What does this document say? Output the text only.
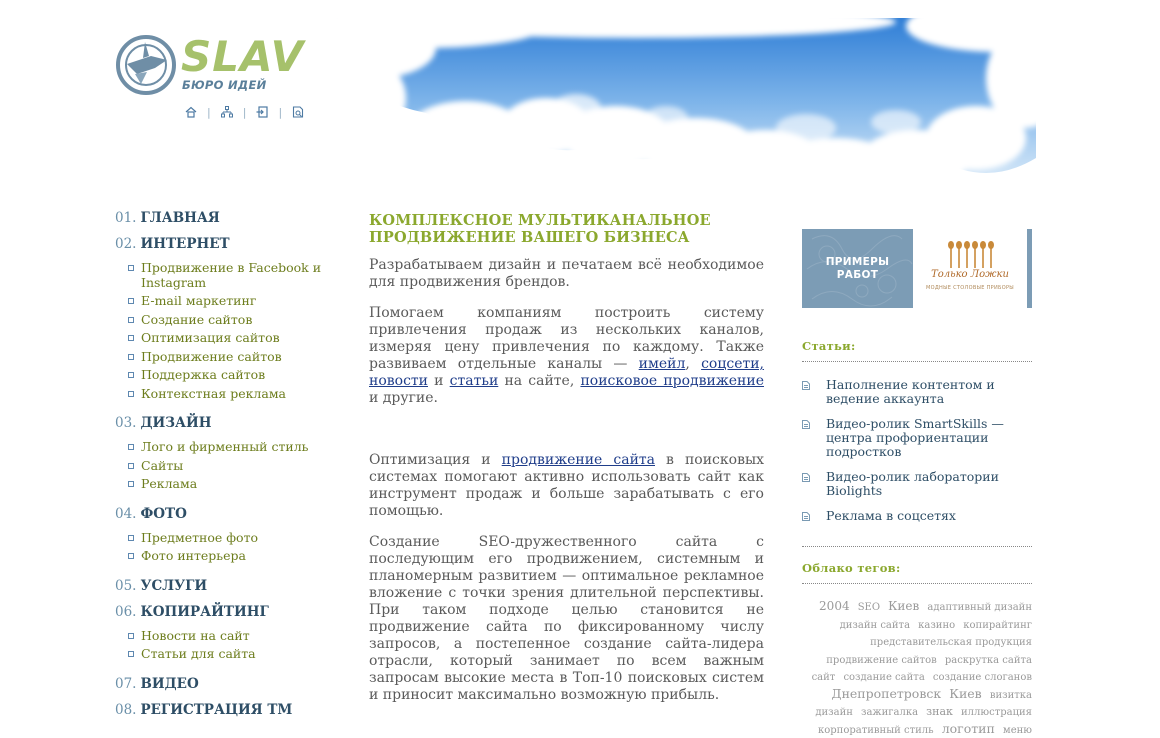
SLAV
БЮРО ИДЕЙ
|	|	|
01. ГЛАВНАЯ
02. ИНТЕРНЕТ
Продвижение в Facebook и Instagram
E-mail маркетинг
Создание сайтов
Оптимизация сайтов
Продвижение сайтов
Поддержка сайтов
Контекстная реклама
03. ДИЗАЙН
Лого и фирменный стиль
Сайты
Реклама
04. ФОТО
Предметное фото
Фото интерьера
05. УСЛУГИ
06. КОПИРАЙТИНГ
Новости на сайт
Статьи для сайта
07. ВИДЕО
08. РЕГИСТРАЦИЯ ТМ
КОМПЛЕКСНОЕ МУЛЬТИКАНАЛЬНОЕ ПРОДВИЖЕНИЕ ВАШЕГО БИЗНЕСА

Разрабатываем дизайн и печатаем всё необходимое для продвижения брендов.

Помогаем компаниям построить систему привлечения продаж из нескольких каналов, измеряя цену привлечения по каждому. Также развиваем отдельные каналы — имейл, соцсети, новости и статьи на сайте, поисковое продвижение и другие.

Оптимизация и продвижение сайта в поисковых системах помогают активно использовать сайт как инструмент продаж и больше зарабатывать с его помощью.

Создание SEO-дружественного сайта с последующим его продвижением, системным и планомерным развитием — оптимальное рекламное вложение с точки зрения длительной перспективы. При таком подходе целью становится не продвижение сайта по фиксированному числу запросов, а постепенное создание сайта-лидера отрасли, который занимает по всем важным запросам высокие места в Топ-10 поисковых систем и приносит максимально возможную прибыль.

ПРИМЕРЫ РАБОТ	Только Ложки
МОДНЫЕ СТОЛОВЫЕ ПРИБОРЫ
Статьи:
Наполнение контентом и ведение аккаунта
Видео-ролик SmartSkills — центра профориентации подростков
Видео-ролик лаборатории Biolights
Реклама в соцсетях
Облако тегов:
2004 SEO Киев адаптивный дизайн дизайн сайта казино копирайтинг представительская продукция продвижение сайтов раскрутка сайта сайт создание сайта создание слоганов Днепропетровск Киев визитка дизайн зажигалка знак иллюстрация корпоративный стиль логотип меню
